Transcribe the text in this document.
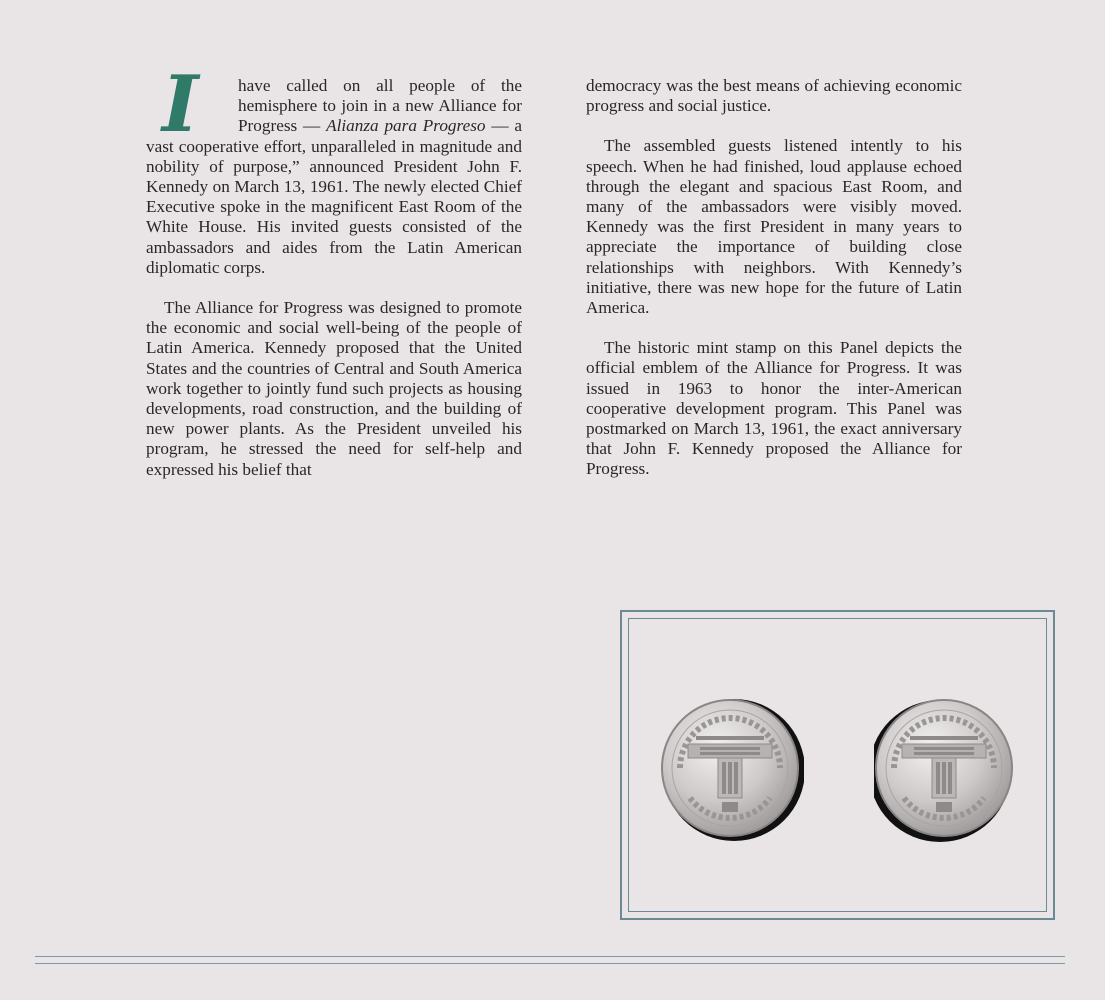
I	have called on all people of the hemisphere to join in a new Alliance for Progress — Alianza para Progreso — a vast cooperative effort, unparalleled in magnitude and nobility of purpose,” announced President John F. Kennedy on March 13, 1961. The newly elected Chief Executive spoke in the magnificent East Room of the White House. His invited guests consisted of the ambassadors and aides from the Latin American diplomatic corps.

The Alliance for Progress was designed to promote the economic and social well-being of the people of Latin America. Kennedy proposed that the United States and the countries of Central and South America work together to jointly fund such projects as housing developments, road construction, and the building of new power plants. As the President unveiled his program, he stressed the need for self-help and expressed his belief that

democracy was the best means of achieving economic progress and social justice.

The assembled guests listened intently to his speech. When he had finished, loud applause echoed through the elegant and spacious East Room, and many of the ambassadors were visibly moved. Kennedy was the first President in many years to appreciate the importance of building close relationships with neighbors. With Kennedy’s initiative, there was new hope for the future of Latin America.

The historic mint stamp on this Panel depicts the official emblem of the Alliance for Progress. It was issued in 1963 to honor the inter-American cooperative development program. This Panel was postmarked on March 13, 1961, the exact anniversary that John F. Kennedy proposed the Alliance for Progress.
